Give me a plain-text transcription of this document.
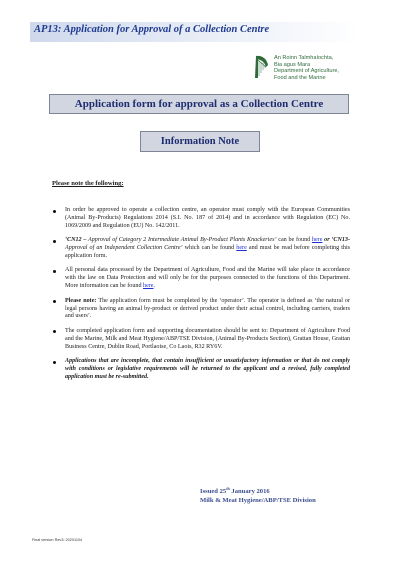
AP13: Application for Approval of a Collection Centre
An Roinn Talmhaíochta,
Bia agus Mara
Department of Agriculture,
Food and the Marine
Application form for approval as a Collection Centre
Information Note
Please note the following:
In order be approved to operate a collection centre, an operator must comply with the European Communities (Animal By-Products) Regulations 2014 (S.I. No. 187 of 2014) and in accordance with Regulation (EC) No. 1069/2009 and Regulation (EU) No. 142/2011.
‘CN12 – Approval of Category 2 Intermediate Animal By-Product Plants Knackeries’ can be found here or ‘CN13- Approval of an Independent Collection Centre’ which can be found here and must be read before completing this application form.
All personal data processed by the Department of Agriculture, Food and the Marine will take place in accordance with the law on Data Protection and will only be for the purposes connected to the functions of this Department. More information can be found here.
Please note: The application form must be completed by the ‘operator’. The operator is defined as ‘the natural or legal persons having an animal by-product or derived product under their actual control, including carriers, traders and users’.
The completed application form and supporting documentation should be sent to: Department of Agriculture Food and the Marine, Milk and Meat Hygiene/ABP/TSE Division, (Animal By-Products Section), Grattan House, Grattan Business Centre, Dublin Road, Portlaoise, Co Laois, R32 RY6V.
Applications that are incomplete, that contain insufficient or unsatisfactory information or that do not comply with conditions or legislative requirements will be returned to the applicant and a revised, fully completed application must be re-submitted.
Issued 25th January 2016
Milk & Meat Hygiene/ABP/TSE Division
Final version Rev3: 20201104
